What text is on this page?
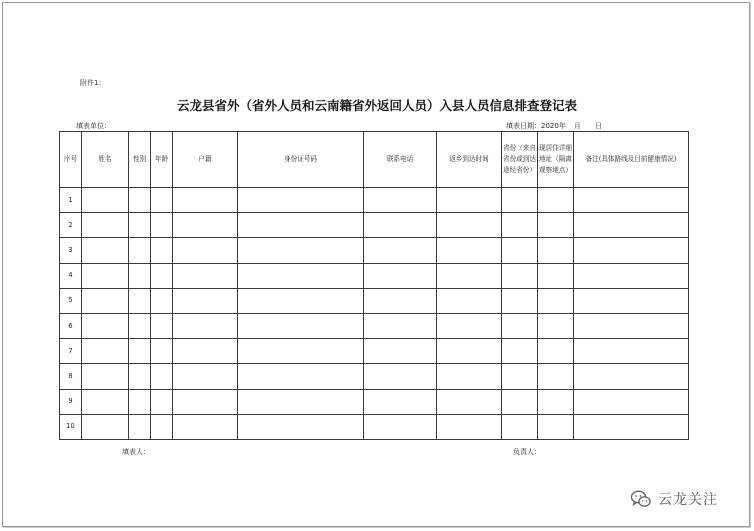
附件1：
云龙县省外（省外人员和云南籍省外返回人员）入县人员信息排查登记表
填表单位：	填表日期：2020年 月 日
序号	姓名	性别	年龄	户籍	身份证号码	联系电话	返乡到达时间	省份（来自省份或到达途经省份）	现居住详细地址（隔离观察地点）	备注(具体路线及目前健康情况)
1										
2										
3										
4										
5										
6										
7										
8										
9										
10										
填表人：	负责人：
云龙关注
